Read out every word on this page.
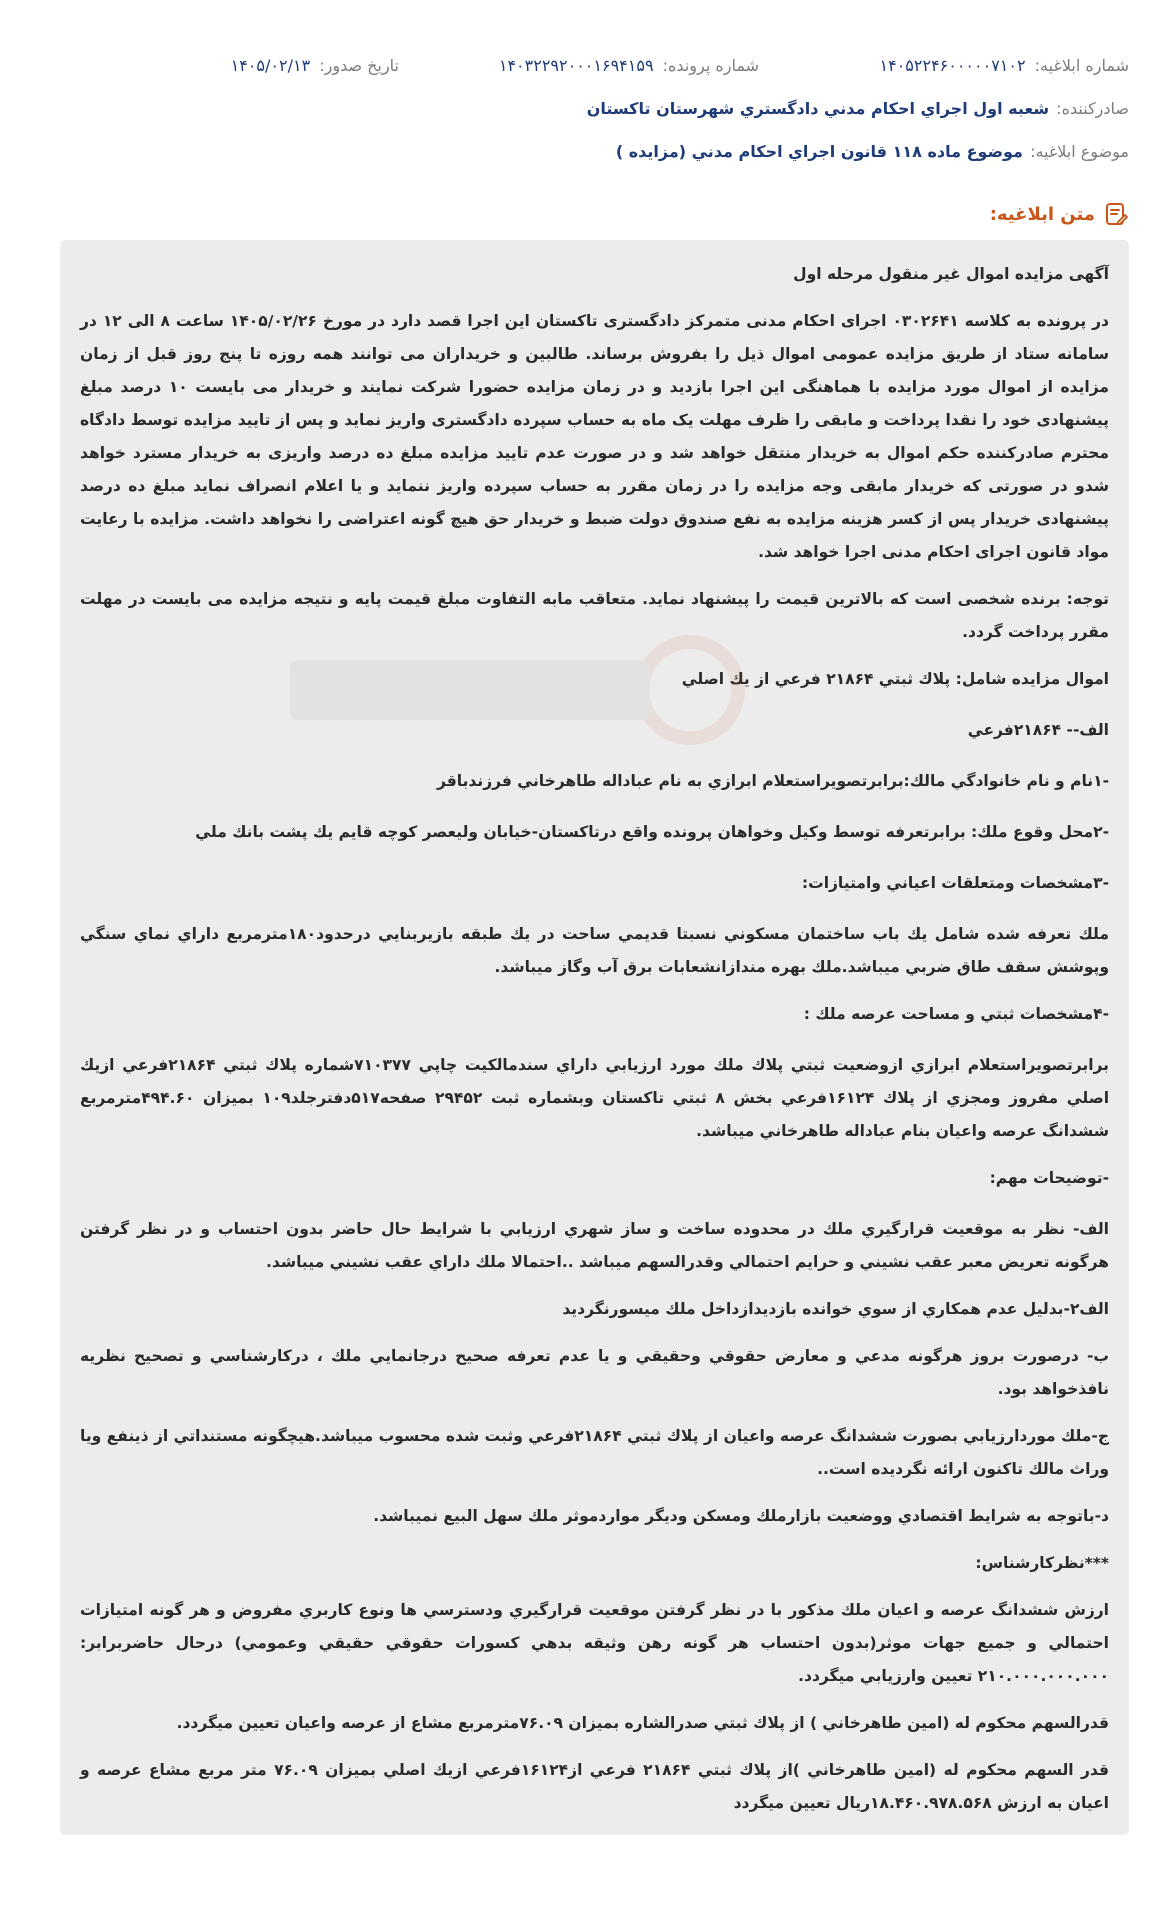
شماره ابلاغیه: ۱۴۰۵۲۲۴۶۰۰۰۰۰۷۱۰۲
شماره پرونده: ۱۴۰۳۲۲۹۲۰۰۰۱۶۹۴۱۵۹
تاریخ صدور: ۱۴۰۵/۰۲/۱۳
صادرکننده: شعبه اول اجراي احكام مدني دادگستري شهرستان تاكستان
موضوع ابلاغیه: موضوع ماده ۱۱۸ قانون اجراي احكام مدني (مزايده )
متن ابلاغیه:

آگهی مزایده اموال غیر منقول مرحله اول

در پرونده به کلاسه ۰۳۰۲۶۴۱ اجرای احکام مدنی متمرکز دادگستری تاکستان این اجرا قصد دارد در مورخ ۱۴۰۵/۰۲/۲۶ ساعت ۸ الی ۱۲ در سامانه ستاد از طریق مزایده عمومی اموال ذیل را بفروش برساند. طالبین و خریداران می توانند همه روزه تا پنج روز قبل از زمان مزایده از اموال مورد مزایده با هماهنگی این اجرا بازدید و در زمان مزایده حضورا شرکت نمایند و خریدار می بایست ۱۰ درصد مبلغ پیشنهادی خود را نقدا پرداخت و مابقی را ظرف مهلت یک ماه به حساب سپرده دادگستری واریز نماید و پس از تایید مزایده توسط دادگاه محترم صادرکننده حکم اموال به خریدار منتقل خواهد شد و در صورت عدم تایید مزایده مبلغ ده درصد واریزی به خریدار مسترد خواهد شدو در صورتی که خریدار مابقی وجه مزایده را در زمان مقرر به حساب سپرده واریز ننماید و یا اعلام انصراف نماید مبلغ ده درصد پیشنهادی خریدار پس از کسر هزینه مزایده به نفع صندوق دولت ضبط و خریدار حق هیچ گونه اعتراضی را نخواهد داشت. مزایده با رعایت مواد قانون اجرای احکام مدنی اجرا خواهد شد.

توجه: برنده شخصی است که بالاترین قیمت را پیشنهاد نماید. متعاقب مابه التفاوت مبلغ قیمت پایه و نتیجه مزایده می بایست در مهلت مقرر پرداخت گردد.

اموال مزايده شامل: پلاك ثبتي ۲۱۸۶۴ فرعي از يك اصلي

الف-- ۲۱۸۶۴فرعي

-۱نام و نام خانوادگي مالك:برابرتصويراستعلام ابرازي به نام عباداله طاهرخاني فرزندباقر

-۲محل وقوع ملك: برابرتعرفه توسط وكيل وخواهان پرونده واقع درتاكستان-خيابان وليعصر كوچه قايم يك پشت بانك ملي

-۳مشخصات ومتعلقات اعياني وامتيازات:

ملك تعرفه شده شامل يك باب ساختمان مسكوني نسبتا قديمي ساحت در يك طبقه بازيربنايي درحدود۱۸۰مترمربع داراي نماي سنگي وپوشش سقف طاق ضربي ميباشد.ملك بهره مندازانشعابات برق آب وگاز ميباشد.

-۴مشخصات ثبتي و مساحت عرصه ملك :

برابرتصويراستعلام ابرازي ازوضعيت ثبتي پلاك ملك مورد ارزيابي داراي سندمالكيت چاپي ۷۱۰۳۷۷شماره پلاك ثبتي ۲۱۸۶۴فرعي ازيك اصلي مفروز ومجزي از پلاك ۱۶۱۲۴فرعي بخش ۸ ثبتي تاكستان وبشماره ثبت ۲۹۴۵۲ صفحه۵۱۷دفترجلد۱۰۹ بميزان ۴۹۴.۶۰مترمربع ششدانگ عرصه واعيان بنام عباداله طاهرخاني ميباشد.

-توضيحات مهم:

الف- نظر به موقعيت قرارگيري ملك در محدوده ساخت و ساز شهري ارزيابي با شرايط حال حاضر بدون احتساب و در نظر گرفتن هرگونه تعريض معبر عقب نشيني و حرايم احتمالي وقدرالسهم ميباشد ..احتمالا ملك داراي عقب نشيني ميباشد.

الف۲-بدليل عدم همكاري از سوي خوانده بازديدازداخل ملك ميسورنگرديد

ب- درصورت بروز هرگونه مدعي و معارض حقوقي وحقيقي و يا عدم تعرفه صحيح درجانمايي ملك ، دركارشناسي و تصحيح نظريه نافذخواهد بود.

ج-ملك موردارزيابي بصورت ششدانگ عرصه واعيان از پلاك ثبتي ۲۱۸۶۴فرعي وثبت شده محسوب ميباشد.هيچگونه مستنداتي از ذينفع ويا وراث مالك تاكنون ارائه نگرديده است..

د-باتوجه به شرايط اقتصادي ووضعيت بازارملك ومسكن وديگر مواردموثر ملك سهل البيع نميباشد.

***نظركارشناس:

ارزش ششدانگ عرصه و اعيان ملك مذكور با در نظر گرفتن موقعيت قرارگيري ودسترسي ها ونوع كاربري مفروض و هر گونه امتيازات احتمالي و جميع جهات موثر(بدون احتساب هر گونه رهن وثيقه بدهي كسورات حقوقي حقيقي وعمومي) درحال حاضربرابر: ۲۱۰.۰۰۰.۰۰۰.۰۰۰ تعيين وارزيابي ميگردد.

قدرالسهم محكوم له (امين طاهرخاني ) از پلاك ثبتي صدرالشاره بميزان ۷۶.۰۹مترمربع مشاع از عرصه واعيان تعيين ميگردد.

قدر السهم محكوم له (امين طاهرخاني )از پلاك ثبتي ۲۱۸۶۴ فرعي از۱۶۱۲۴فرعي ازيك اصلي بميزان ۷۶.۰۹ متر مربع مشاع عرصه و اعيان به ارزش ۱۸.۴۶۰.۹۷۸.۵۶۸ريال تعيين ميگردد
